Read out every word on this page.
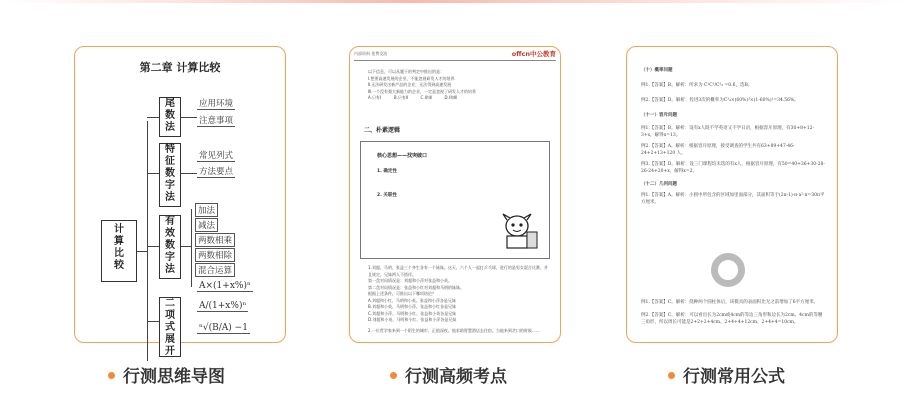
第二章 计算比较
计
算
比
较
尾
数
法
应用环境
注意事项
特
征
数
字
法
常见列式
方法要点
有
效
数
字
法
加法
减法
两数相乘
两数相除
混合运算
二
项
式
展
开
A×(1+x%)ⁿ
A/(1+x%)ⁿ
ⁿ√(B/A) −1
行测思维导图
内部资料 免费交流	offcn中公教育
以下信息，可以从题干的判定中推出的是：
Ⅰ.想要高速发展的企业，不能忽视研发人才的培养
Ⅱ.无法研发出新产品的企业，无法得到高速发展
Ⅲ.一个没有强大新能力的企业，一定是忽视了研发人才的培养
A.只有Ⅰ          B.只有Ⅱ          C.Ⅰ和Ⅱ          D.Ⅰ和Ⅲ
二、朴素逻辑
核心思想——找突破口
1. 确定性
2. 关联性
1.刘超、马明、张益三个齐生各有一个妹妹。这天，六个人一起打乒乓球，进行的是男女混合比赛，并且规定，兄妹两人不搭伴。
第一盘对局情况是：刘超和小萍对张益和小英。
第二盘对局情况是：张益和小红对刘超和马明的妹妹。
根据上述条件，可推出以下哪项结论？
A.刘超和小红、马明和小英、张益和小萍各是兄妹
B.刘超和小英、马明和小萍、张益和小红各是兄妹
C.刘超和小萍、马明和小红、张益和小英各是兄妹
D.刘超和小英、马明和小红、张益和小萍各是兄妹
2.一位哲学家来到一个陌生的城市，正值深夜。他求助智慧酒店去住宿。当他来到岔口的时候……
行测高频考点
（十）概率问题
例1.【答案】B。解析：所求为 C¹C¹/C²₃ =0.6，选B。
例2.【答案】D。解析：投进3次的概率为C³₄×(60%)³×(1-60%)¹=34.56%。
（十一）容斥问题
例1.【答案】B。解析：设有x人既不学英语又不学日语，根据容斥原理，有30+8+12-3+x，解得x=13。
例2.【答案】A。解析：根据容斥原理，接受调查的学生共有63+89+47-46-24+2+13+120 人。
例3.【答案】D。解析：设三门课程均未选的有x人，根据容斥原理，有50=40+36+30-28-26-24+20+x，解得x=2。
（十二）几何问题
例1.【答案】A。解析：小圆中所包含的区域加里面部分，其面积等于(2π-1)·π·a²·π=30π平方厘米。
例1.【答案】C。解析：绕种两个圆柱体后，该模具的表面积比无之前增加了6平方厘米。
例2.【答案】C。解析：可以看出长为2cm或4cm的等边三角形和边长为2cm、4cm的等腰三角形，所以周长可能是2+2+2+4cm、2+4+4+12cm、2+4+4=10cm。
行测常用公式
